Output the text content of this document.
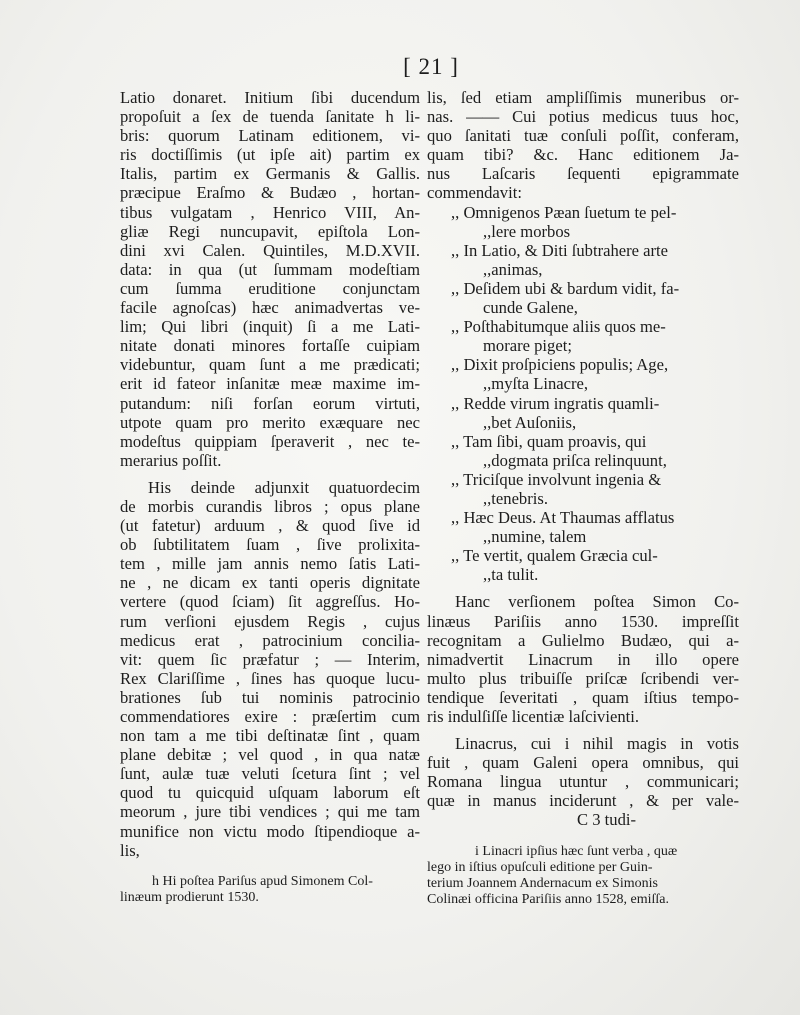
[ 21 ]
Latio donaret. Initium ſibi ducendum
propoſuit a ſex de tuenda ſanitate h li-
bris: quorum Latinam editionem, vi-
ris doctiſſimis (ut ipſe ait) partim ex
Italis, partim ex Germanis & Gallis.
præcipue Eraſmo & Budæo , hortan-
tibus vulgatam , Henrico VIII, An-
gliæ Regi nuncupavit, epiſtola Lon-
dini xvi Calen. Quintiles, M.D.XVII.
data: in qua (ut ſummam modeſtiam
cum ſumma eruditione conjunctam
facile agnoſcas) hæc animadvertas ve-
lim; Qui libri (inquit) ſi a me Lati-
nitate donati minores fortaſſe cuipiam
videbuntur, quam ſunt a me prædicati;
erit id fateor inſanitæ meæ maxime im-
putandum: niſi forſan eorum virtuti,
utpote quam pro merito exæquare nec
modeſtus quippiam ſperaverit , nec te-
merarius poſſit.
His deinde adjunxit quatuordecim
de morbis curandis libros ; opus plane
(ut fatetur) arduum , & quod ſive id
ob ſubtilitatem ſuam , ſive prolixita-
tem , mille jam annis nemo ſatis Lati-
ne , ne dicam ex tanti operis dignitate
vertere (quod ſciam) ſit aggreſſus. Ho-
rum verſioni ejusdem Regis , cujus
medicus erat , patrocinium concilia-
vit: quem ſic præfatur ; — Interim,
Rex Clariſſime , ſines has quoque lucu-
brationes ſub tui nominis patrocinio
commendatiores exire : præſertim cum
non tam a me tibi deſtinatæ ſint , quam
plane debitæ ; vel quod , in qua natæ
ſunt, aulæ tuæ veluti ſcetura ſint ; vel
quod tu quicquid uſquam laborum eſt
meorum , jure tibi vendices ; qui me tam
munifice non victu modo ſtipendioque a-
lis,
h Hi poſtea Pariſus apud Simonem Col-
linæum prodierunt 1530.
lis, ſed etiam ampliſſimis muneribus or-
nas. —— Cui potius medicus tuus hoc,
quo ſanitati tuæ conſuli poſſit, conferam,
quam tibi? &c. Hanc editionem Ja-
nus Laſcaris ſequenti epigrammate
commendavit:
,, Omnigenos Pæan ſuetum te pel-
,,lere morbos
,, In Latio, & Diti ſubtrahere arte
,,animas,
,, Deſidem ubi & bardum vidit, fa-
cunde Galene,
,, Poſthabitumque aliis quos me-
morare piget;
,, Dixit proſpiciens populis; Age,
,,myſta Linacre,
,, Redde virum ingratis quamli-
,,bet Auſoniis,
,, Tam ſibi, quam proavis, qui
,,dogmata priſca relinquunt,
,, Triciſque involvunt ingenia &
,,tenebris.
,, Hæc Deus. At Thaumas afflatus
,,numine, talem
,, Te vertit, qualem Græcia cul-
,,ta tulit.
Hanc verſionem poſtea Simon Co-
linæus Pariſiis anno 1530. impreſſit
recognitam a Gulielmo Budæo, qui a-
nimadvertit Linacrum in illo opere
multo plus tribuiſſe priſcæ ſcribendi ver-
tendique ſeveritati , quam iſtius tempo-
ris indulſiſſe licentiæ laſcivienti.
Linacrus, cui i nihil magis in votis
fuit , quam Galeni opera omnibus, qui
Romana lingua utuntur , communicari;
quæ in manus inciderunt , & per vale-
C 3 tudi-
i Linacri ipſius hæc ſunt verba , quæ
lego in iſtius opuſculi editione per Guin-
terium Joannem Andernacum ex Simonis
Colinæi officina Pariſiis anno 1528, emiſſa.
